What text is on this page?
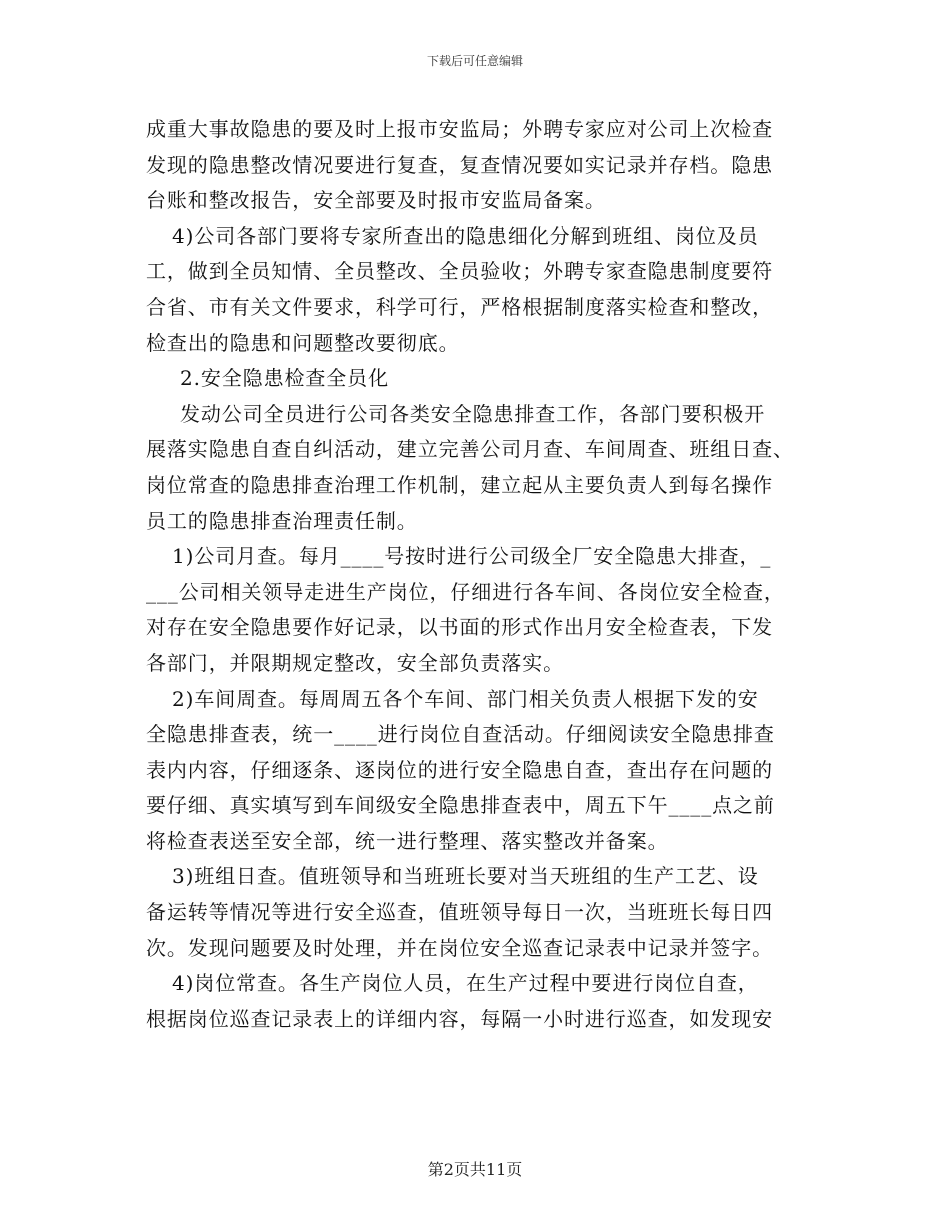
下载后可任意编辑
成重大事故隐患的要及时上报市安监局；外聘专家应对公司上次检查
发现的隐患整改情况要进行复查，复查情况要如实记录并存档。隐患
台账和整改报告，安全部要及时报市安监局备案。
4)公司各部门要将专家所查出的隐患细化分解到班组、岗位及员
工，做到全员知情、全员整改、全员验收；外聘专家查隐患制度要符
合省、市有关文件要求，科学可行，严格根据制度落实检查和整改，
检查出的隐患和问题整改要彻底。
2.安全隐患检查全员化
发动公司全员进行公司各类安全隐患排查工作，各部门要积极开
展落实隐患自查自纠活动，建立完善公司月查、车间周查、班组日查、
岗位常查的隐患排查治理工作机制，建立起从主要负责人到每名操作
员工的隐患排查治理责任制。
1)公司月查。每月____号按时进行公司级全厂安全隐患大排查，_
___公司相关领导走进生产岗位，仔细进行各车间、各岗位安全检查，
对存在安全隐患要作好记录，以书面的形式作出月安全检查表，下发
各部门，并限期规定整改，安全部负责落实。
2)车间周查。每周周五各个车间、部门相关负责人根据下发的安
全隐患排查表，统一____进行岗位自查活动。仔细阅读安全隐患排查
表内内容，仔细逐条、逐岗位的进行安全隐患自查，查出存在问题的
要仔细、真实填写到车间级安全隐患排查表中，周五下午____点之前
将检查表送至安全部，统一进行整理、落实整改并备案。
3)班组日查。值班领导和当班班长要对当天班组的生产工艺、设
备运转等情况等进行安全巡查，值班领导每日一次，当班班长每日四
次。发现问题要及时处理，并在岗位安全巡查记录表中记录并签字。
4)岗位常查。各生产岗位人员，在生产过程中要进行岗位自查，
根据岗位巡查记录表上的详细内容，每隔一小时进行巡查，如发现安
第2页共11页
